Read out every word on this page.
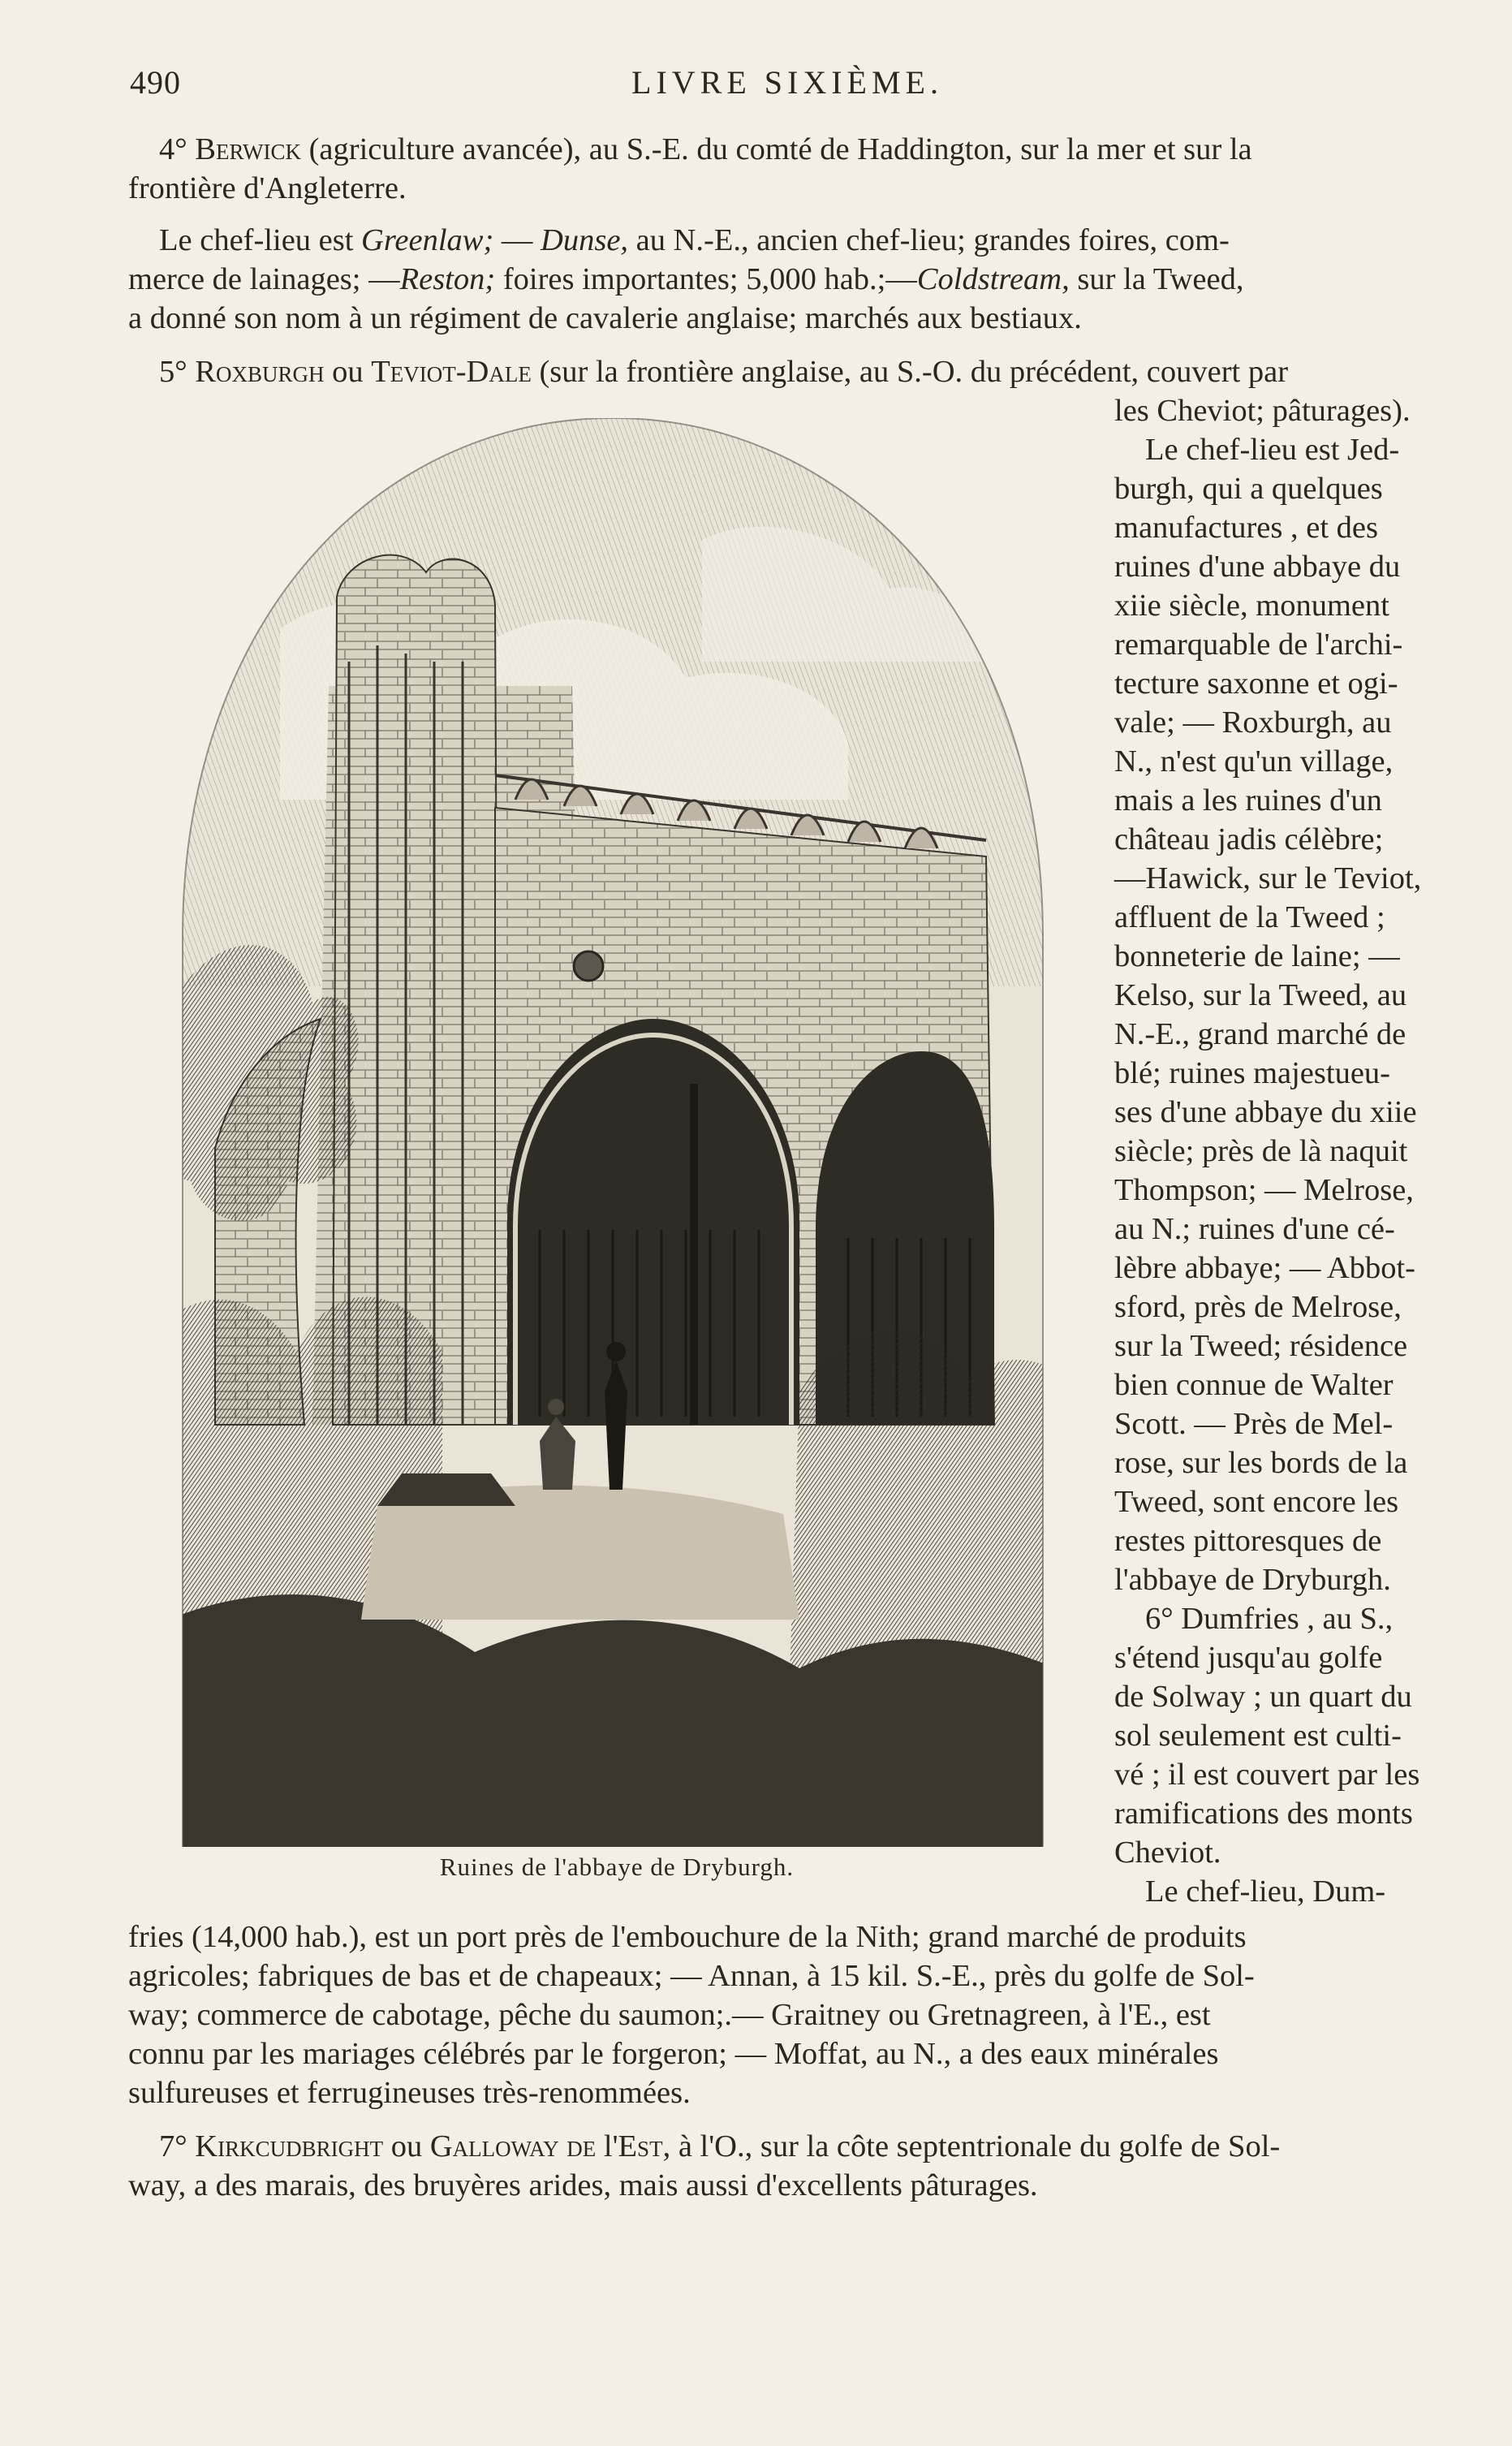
490	LIVRE SIXIÈME.
4° Berwick (agriculture avancée), au S.-E. du comté de Haddington, sur la mer et sur la
frontière d'Angleterre.
Le chef-lieu est Greenlaw; — Dunse, au N.-E., ancien chef-lieu; grandes foires, com-
merce de lainages; —Reston; foires importantes; 5,000 hab.;—Coldstream, sur la Tweed,
a donné son nom à un régiment de cavalerie anglaise; marchés aux bestiaux.
5° Roxburgh ou Teviot-Dale (sur la frontière anglaise, au S.-O. du précédent, couvert par
les Cheviot; pâturages).
Le chef-lieu est Jed-
burgh, qui a quelques
manufactures , et des
ruines d'une abbaye du
xiie siècle, monument
remarquable de l'archi-
tecture saxonne et ogi-
vale; — Roxburgh, au
N., n'est qu'un village,
mais a les ruines d'un
château jadis célèbre;
—Hawick, sur le Teviot,
affluent de la Tweed ;
bonneterie de laine; —
Kelso, sur la Tweed, au
N.-E., grand marché de
blé; ruines majestueu-
ses d'une abbaye du xiie
siècle; près de là naquit
Thompson; — Melrose,
au N.; ruines d'une cé-
lèbre abbaye; — Abbot-
sford, près de Melrose,
sur la Tweed; résidence
bien connue de Walter
Scott. — Près de Mel-
rose, sur les bords de la
Tweed, sont encore les
restes pittoresques de
l'abbaye de Dryburgh.
6° Dumfries , au S.,
s'étend jusqu'au golfe
de Solway ; un quart du
sol seulement est culti-
vé ; il est couvert par les
ramifications des monts
Cheviot.
Le chef-lieu, Dum-
Ruines de l'abbaye de Dryburgh.
fries (14,000 hab.), est un port près de l'embouchure de la Nith; grand marché de produits
agricoles; fabriques de bas et de chapeaux; — Annan, à 15 kil. S.-E., près du golfe de Sol-
way; commerce de cabotage, pêche du saumon;.— Graitney ou Gretnagreen, à l'E., est
connu par les mariages célébrés par le forgeron; — Moffat, au N., a des eaux minérales
sulfureuses et ferrugineuses très-renommées.
7° Kirkcudbright ou Galloway de l'Est, à l'O., sur la côte septentrionale du golfe de Sol-
way, a des marais, des bruyères arides, mais aussi d'excellents pâturages.
